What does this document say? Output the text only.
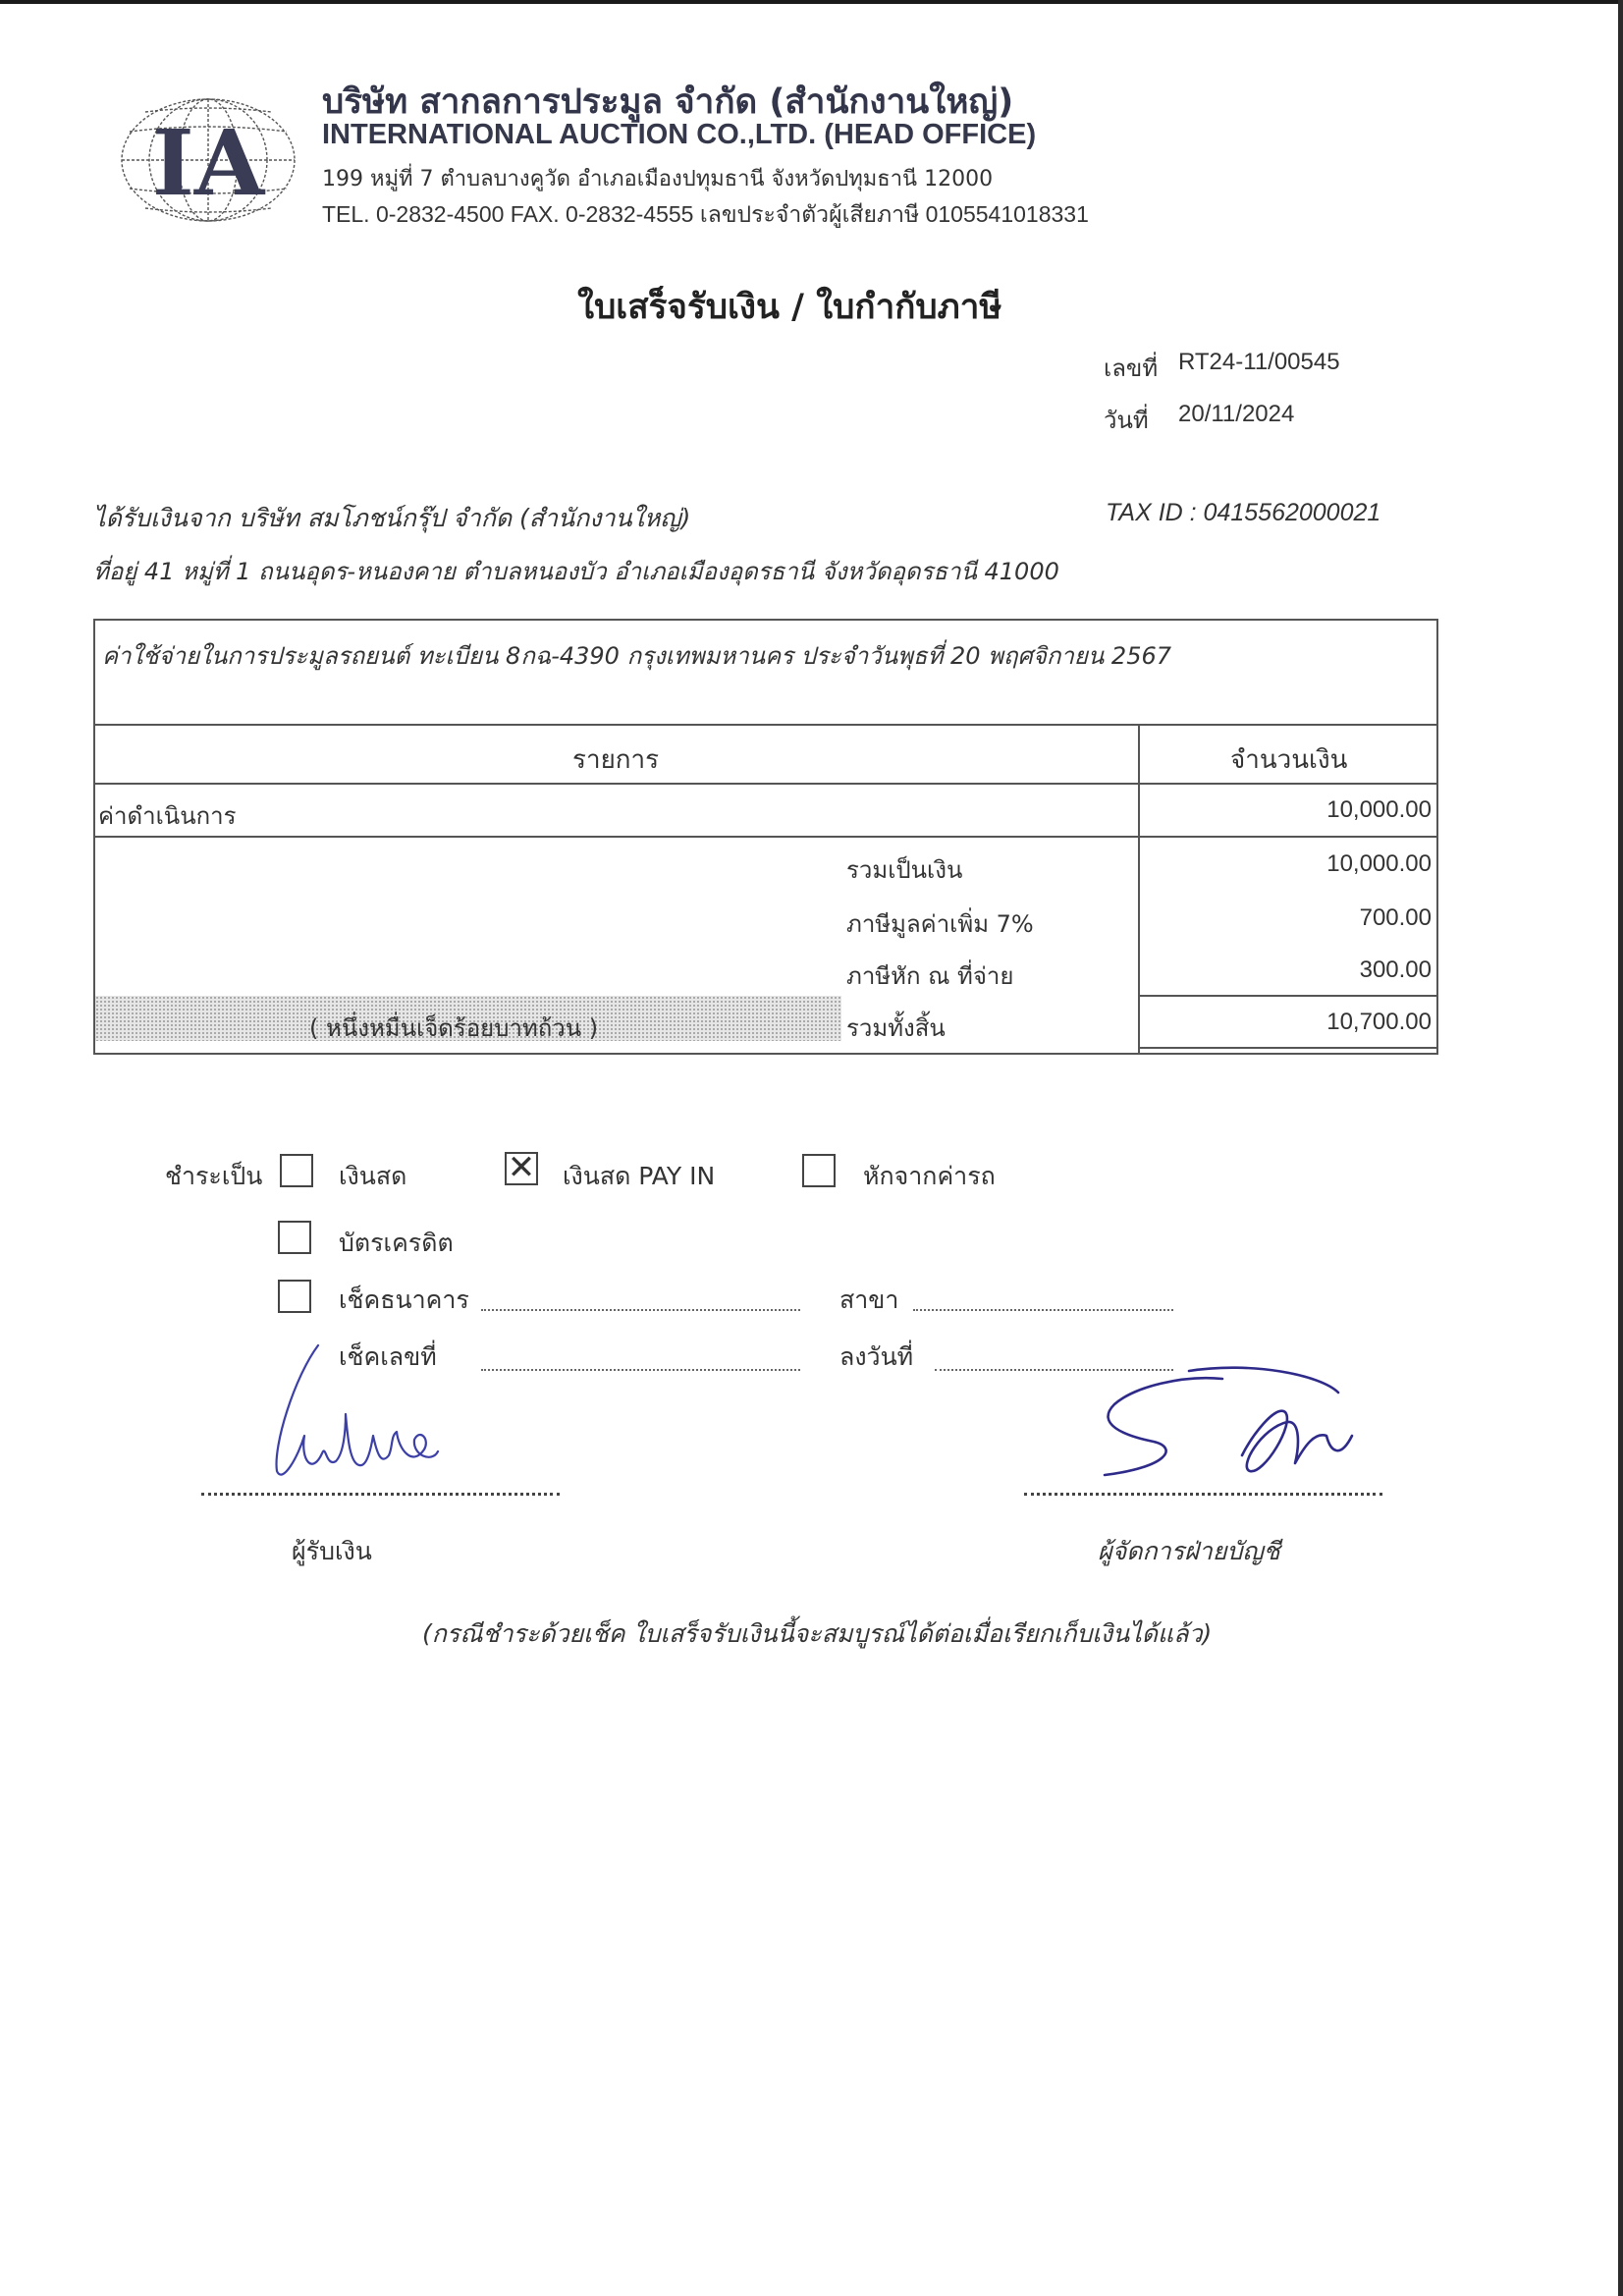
IA
บริษัท สากลการประมูล จำกัด (สำนักงานใหญ่)
INTERNATIONAL AUCTION CO.,LTD. (HEAD OFFICE)
199 หมู่ที่ 7 ตำบลบางคูวัด อำเภอเมืองปทุมธานี จังหวัดปทุมธานี 12000
TEL. 0-2832-4500 FAX. 0-2832-4555 เลขประจำตัวผู้เสียภาษี 0105541018331
ใบเสร็จรับเงิน / ใบกำกับภาษี
เลขที่ RT24-11/00545
วันที่ 20/11/2024
ได้รับเงินจาก บริษัท สมโภชน์กรุ๊ป จำกัด (สำนักงานใหญ่)	TAX ID : 0415562000021
ที่อยู่ 41 หมู่ที่ 1 ถนนอุดร-หนองคาย ตำบลหนองบัว อำเภอเมืองอุดรธานี จังหวัดอุดรธานี 41000
ค่าใช้จ่ายในการประมูลรถยนต์ ทะเบียน 8กฉ-4390 กรุงเทพมหานคร ประจำวันพุธที่ 20 พฤศจิกายน 2567
รายการ	จำนวนเงิน
ค่าดำเนินการ	10,000.00
รวมเป็นเงิน	10,000.00
ภาษีมูลค่าเพิ่ม 7%	700.00
ภาษีหัก ณ ที่จ่าย	300.00
( หนึ่งหมื่นเจ็ดร้อยบาทถ้วน )	รวมทั้งสิ้น	10,700.00
ชำระเป็น	เงินสด	✕ เงินสด PAY IN	หักจากค่ารถ
บัตรเครดิต
เช็คธนาคาร	สาขา
เช็คเลขที่	ลงวันที่
ผู้รับเงิน	ผู้จัดการฝ่ายบัญชี
(กรณีชำระด้วยเช็ค ใบเสร็จรับเงินนี้จะสมบูรณ์ได้ต่อเมื่อเรียกเก็บเงินได้แล้ว)
